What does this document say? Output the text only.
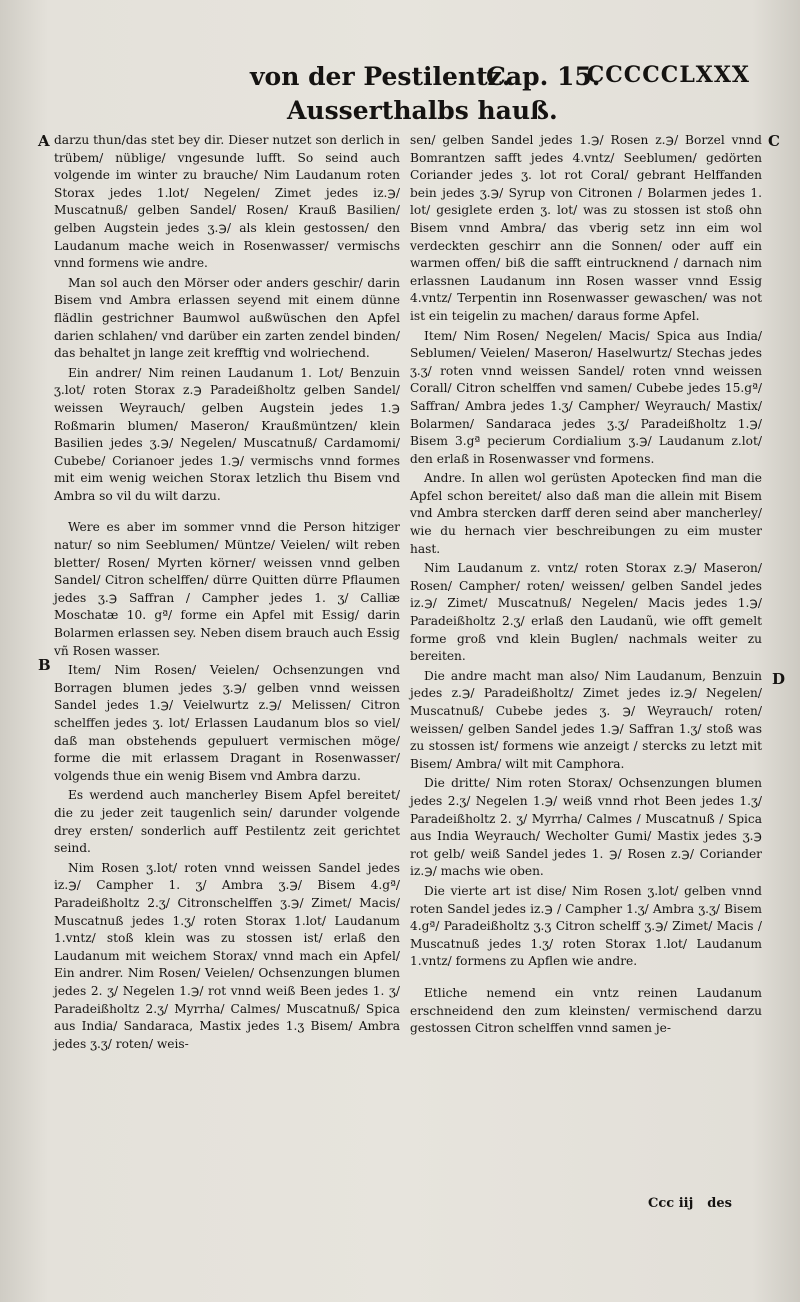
von der Pestilentz.
Cap. 15.
CCCCCLXXX
Ausserthalbs hauß.
A
B
C
D

darzu thun/das stet bey dir. Dieser nutzet son derlich in trübem/ nüblige/ vngesunde lufft. So seind auch volgende im winter zu brauche/ Nim Laudanum roten Storax jedes 1.lot/ Negelen/ Zimet jedes iz.℈/ Muscatnuß/ gelben Sandel/ Rosen/ Krauß Basilien/ gelben Augstein jedes ʒ.℈/ als klein gestossen/ den Laudanum mache weich in Rosenwasser/ vermischs vnnd formens wie andre.

Man sol auch den Mörser oder anders geschir/ darin Bisem vnd Ambra erlassen seyend mit einem dünne flädlin gestrichner Baumwol außwüschen den Apfel darien schlahen/ vnd darüber ein zarten zendel binden/ das behaltet jn lange zeit krefftig vnd wolriechend.

Ein andrer/ Nim reinen Laudanum 1. Lot/ Benzuin ʒ.lot/ roten Storax z.℈ Paradeißholtz gelben Sandel/ weissen Weyrauch/ gelben Augstein jedes 1.℈ Roßmarin blumen/ Maseron/ Kraußmüntzen/ klein Basilien jedes ʒ.℈/ Negelen/ Muscatnuß/ Cardamomi/ Cubebe/ Corianoer jedes 1.℈/ vermischs vnnd formes mit eim wenig weichen Storax letzlich thu Bisem vnd Ambra so vil du wilt darzu.

Were es aber im sommer vnnd die Person hitziger natur/ so nim Seeblumen/ Müntze/ Veielen/ wilt reben bletter/ Rosen/ Myrten körner/ weissen vnnd gelben Sandel/ Citron schelffen/ dürre Quitten dürre Pflaumen jedes ʒ.℈ Saffran / Campher jedes 1. ʒ/ Calliæ Moschatæ 10. gª/ forme ein Apfel mit Essig/ darin Bolarmen erlassen sey. Neben disem brauch auch Essig vñ Rosen wasser.

Item/ Nim Rosen/ Veielen/ Ochsenzungen vnd Borragen blumen jedes ʒ.℈/ gelben vnnd weissen Sandel jedes 1.℈/ Veielwurtz z.℈/ Melissen/ Citron schelffen jedes ʒ. lot/ Erlassen Laudanum blos so viel/ daß man obstehends gepuluert vermischen möge/ forme die mit erlassem Dragant in Rosenwasser/ volgends thue ein wenig Bisem vnd Ambra darzu.

Es werdend auch mancherley Bisem Apfel bereitet/ die zu jeder zeit taugenlich sein/ darunder volgende drey ersten/ sonderlich auff Pestilentz zeit gerichtet seind.

Nim Rosen ʒ.lot/ roten vnnd weissen Sandel jedes iz.℈/ Campher 1. ʒ/ Ambra ʒ.℈/ Bisem 4.gª/ Paradeißholtz 2.ʒ/ Citronschelffen ʒ.℈/ Zimet/ Macis/ Muscatnuß jedes 1.ʒ/ roten Storax 1.lot/ Laudanum 1.vntz/ stoß klein was zu stossen ist/ erlaß den Laudanum mit weichem Storax/ vnnd mach ein Apfel/ Ein andrer. Nim Rosen/ Veielen/ Ochsenzungen blumen jedes 2. ʒ/ Negelen 1.℈/ rot vnnd weiß Been jedes 1. ʒ/ Paradeißholtz 2.ʒ/ Myrrha/ Calmes/ Muscatnuß/ Spica aus India/ Sandaraca, Mastix jedes 1.ʒ Bisem/ Ambra jedes ʒ.ʒ/ roten/ weis-

sen/ gelben Sandel jedes 1.℈/ Rosen z.℈/ Borzel vnnd Bomrantzen safft jedes 4.vntz/ Seeblumen/ gedörten Coriander jedes ʒ. lot rot Coral/ gebrant Helffanden bein jedes ʒ.℈/ Syrup von Citronen / Bolarmen jedes 1. lot/ gesiglete erden ʒ. lot/ was zu stossen ist stoß ohn Bisem vnnd Ambra/ das vberig setz inn eim wol verdeckten geschirr ann die Sonnen/ oder auff ein warmen offen/ biß die safft eintrucknend / darnach nim erlassnen Laudanum inn Rosen wasser vnnd Essig 4.vntz/ Terpentin inn Rosenwasser gewaschen/ was not ist ein teigelin zu machen/ daraus forme Apfel.

Item/ Nim Rosen/ Negelen/ Macis/ Spica aus India/ Seblumen/ Veielen/ Maseron/ Haselwurtz/ Stechas jedes ʒ.ʒ/ roten vnnd weissen Sandel/ roten vnnd weissen Corall/ Citron schelffen vnd samen/ Cubebe jedes 15.gª/ Saffran/ Ambra jedes 1.ʒ/ Campher/ Weyrauch/ Mastix/ Bolarmen/ Sandaraca jedes ʒ.ʒ/ Paradeißholtz 1.℈/ Bisem 3.gª pecierum Cordialium ʒ.℈/ Laudanum z.lot/ den erlaß in Rosenwasser vnd formens.

Andre. In allen wol gerüsten Apotecken find man die Apfel schon bereitet/ also daß man die allein mit Bisem vnd Ambra stercken darff deren seind aber mancherley/ wie du hernach vier beschreibungen zu eim muster hast.

Nim Laudanum z. vntz/ roten Storax z.℈/ Maseron/ Rosen/ Campher/ roten/ weissen/ gelben Sandel jedes iz.℈/ Zimet/ Muscatnuß/ Negelen/ Macis jedes 1.℈/ Paradeißholtz 2.ʒ/ erlaß den Laudanũ, wie offt gemelt forme groß vnd klein Buglen/ nachmals weiter zu bereiten.

Die andre macht man also/ Nim Laudanum, Benzuin jedes z.℈/ Paradeißholtz/ Zimet jedes iz.℈/ Negelen/ Muscatnuß/ Cubebe jedes ʒ. ℈/ Weyrauch/ roten/ weissen/ gelben Sandel jedes 1.℈/ Saffran 1.ʒ/ stoß was zu stossen ist/ formens wie anzeigt / stercks zu letzt mit Bisem/ Ambra/ wilt mit Camphora.

Die dritte/ Nim roten Storax/ Ochsenzungen blumen jedes 2.ʒ/ Negelen 1.℈/ weiß vnnd rhot Been jedes 1.ʒ/ Paradeißholtz 2. ʒ/ Myrrha/ Calmes / Muscatnuß / Spica aus India Weyrauch/ Wecholter Gumi/ Mastix jedes ʒ.℈ rot gelb/ weiß Sandel jedes 1. ℈/ Rosen z.℈/ Coriander iz.℈/ machs wie oben.

Die vierte art ist dise/ Nim Rosen ʒ.lot/ gelben vnnd roten Sandel jedes iz.℈ / Campher 1.ʒ/ Ambra ʒ.ʒ/ Bisem 4.gª/ Paradeißholtz ʒ.ʒ Citron schelff ʒ.℈/ Zimet/ Macis / Muscatnuß jedes 1.ʒ/ roten Storax 1.lot/ Laudanum 1.vntz/ formens zu Apflen wie andre.

Etliche nemend ein vntz reinen Laudanum erschneidend den zum kleinsten/ vermischend darzu gestossen Citron schelffen vnnd samen je-

Ccc iij des
